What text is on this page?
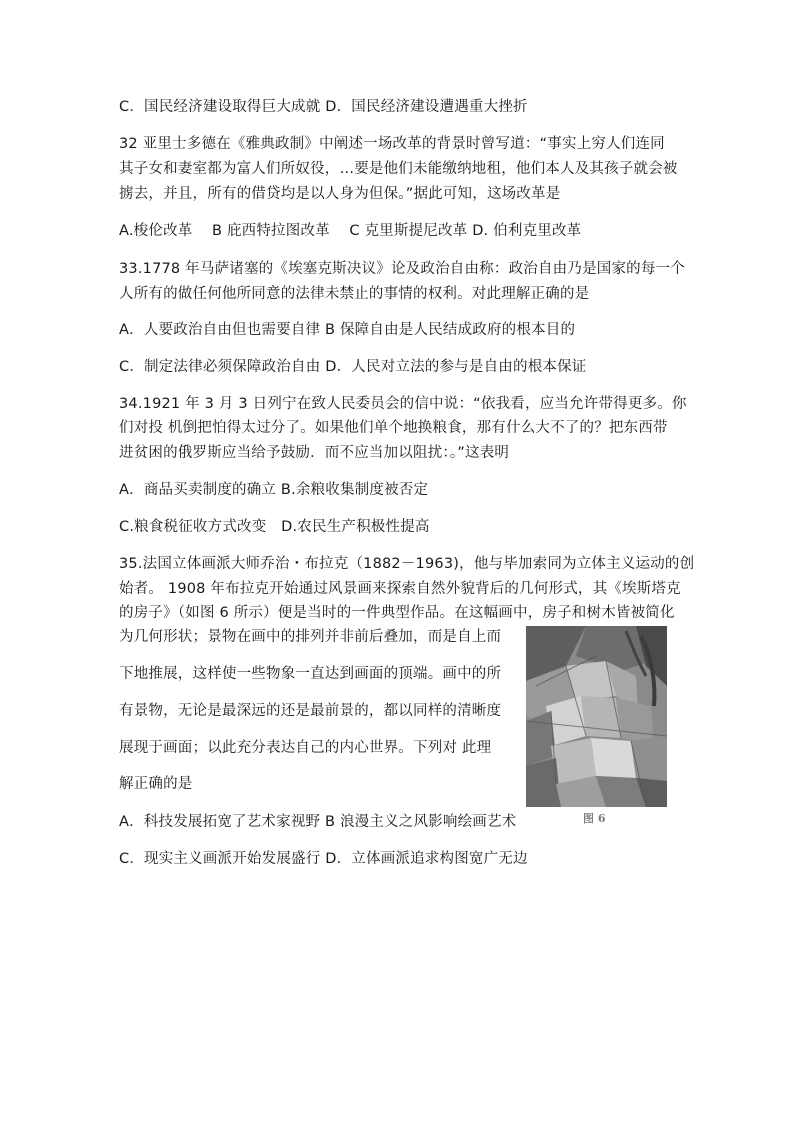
C．国民经济建设取得巨大成就 D．国民经济建设遭遇重大挫折
32 亚里士多德在《雅典政制》中阐述一场改革的背景时曾写道：“事实上穷人们连同
其子女和妻室都为富人们所奴役，…要是他们未能缴纳地租，他们本人及其孩子就会被
掳去，并且，所有的借贷均是以人身为但保。”据此可知，这场改革是
A.梭伦改革　 B 庇西特拉图改革　 C 克里斯提尼改革 D. 伯利克里改革
33.1778 年马萨诸塞的《埃塞克斯决议》论及政治自由称：政治自由乃是国家的每一个
人所有的做任何他所同意的法律未禁止的事情的权利。对此理解正确的是
A．人要政治自由但也需要自律 B 保障自由是人民结成政府的根本目的
C．制定法律必须保障政治自由 D．人民对立法的参与是自由的根本保证
34.1921 年 3 月 3 日列宁在致人民委员会的信中说：“依我看，应当允许带得更多。你
们对投 机倒把怕得太过分了。如果他们单个地换粮食，那有什么大不了的？把东西带
进贫困的俄罗斯应当给予鼓励．而不应当加以阻扰：。”这表明
A．商品买卖制度的确立 B.余粮收集制度被否定
C.粮食税征收方式改变　D.农民生产积极性提高
35.法国立体画派大师乔治・布拉克（1882－1963)，他与毕加索同为立体主义运动的创
始者。 1908 年布拉克开始通过风景画来探索自然外貌背后的几何形式，其《埃斯塔克
的房子》（如图 6 所示）便是当时的一件典型作品。在这幅画中，房子和树木皆被简化
为几何形状；景物在画中的排列并非前后叠加，而是自上而
下地推展，这样使一些物象一直达到画面的顶端。画中的所
有景物，无论是最深远的还是最前景的，都以同样的清晰度
展现于画面；以此充分表达自己的内心世界。下列对 此理
解正确的是
A．科技发展拓宽了艺术家视野 B 浪漫主义之风影响绘画艺术
C．现实主义画派开始发展盛行 D．立体画派追求构图宽广无边
图 6
